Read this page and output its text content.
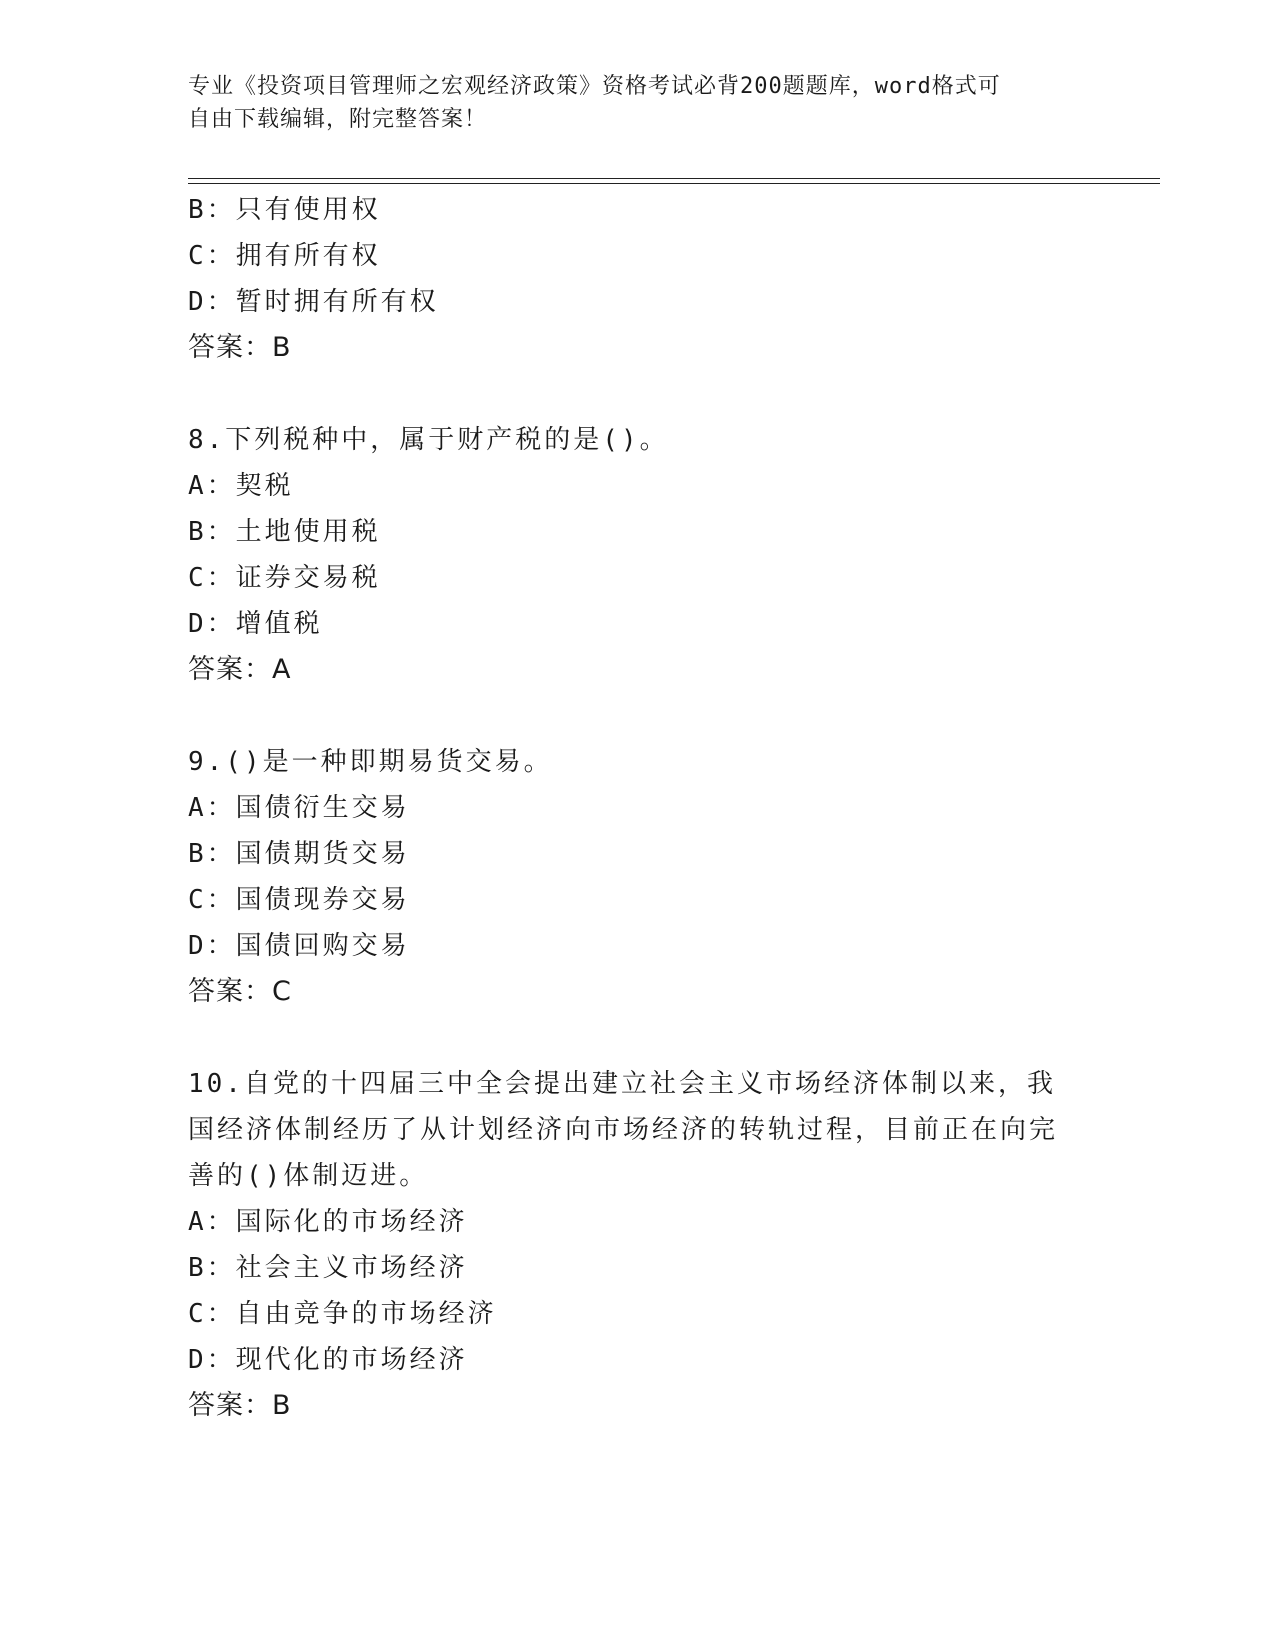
专业《投资项目管理师之宏观经济政策》资格考试必背200题题库，word格式可
自由下载编辑，附完整答案！
B：只有使用权
C：拥有所有权
D：暂时拥有所有权
答案：B
8.下列税种中，属于财产税的是()。
A：契税
B：土地使用税
C：证券交易税
D：增值税
答案：A
9.()是一种即期易货交易。
A：国债衍生交易
B：国债期货交易
C：国债现券交易
D：国债回购交易
答案：C
10.自党的十四届三中全会提出建立社会主义市场经济体制以来，我国经济体制经历了从计划经济向市场经济的转轨过程，目前正在向完善的()体制迈进。
A：国际化的市场经济
B：社会主义市场经济
C：自由竞争的市场经济
D：现代化的市场经济
答案：B
